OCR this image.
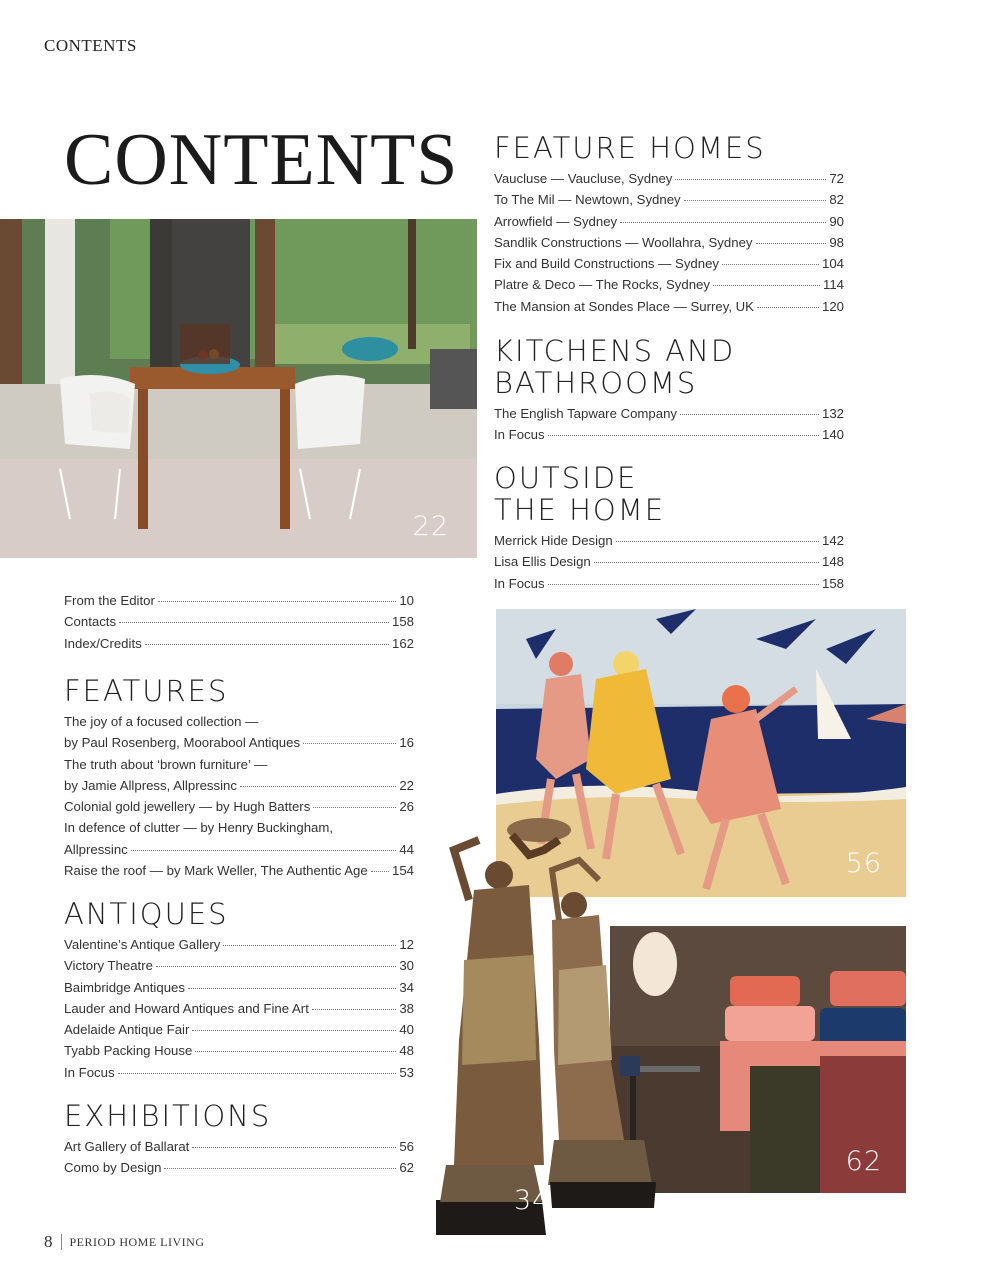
CONTENTS
CONTENTS
22
From the Editor	10
Contacts	158
Index/Credits	162
FEATURES
The joy of a focused collection —
by Paul Rosenberg, Moorabool Antiques	16
The truth about ‘brown furniture’ —
by Jamie Allpress, Allpressinc	22
Colonial gold jewellery — by Hugh Batters	26
In defence of clutter — by Henry Buckingham,
Allpressinc	44
Raise the roof — by Mark Weller, The Authentic Age 154
ANTIQUES
Valentine’s Antique Gallery	12
Victory Theatre	30
Baimbridge Antiques	34
Lauder and Howard Antiques and Fine Art	38
Adelaide Antique Fair	40
Tyabb Packing House	48
In Focus	53
EXHIBITIONS
Art Gallery of Ballarat	56
Como by Design	62
FEATURE HOMES
Vaucluse — Vaucluse, Sydney	72
To The Mil — Newtown, Sydney	82
Arrowfield — Sydney	90
Sandlik Constructions — Woollahra, Sydney	98
Fix and Build Constructions — Sydney	104
Platre & Deco — The Rocks, Sydney	114
The Mansion at Sondes Place — Surrey, UK	120
KITCHENS AND
BATHROOMS
The English Tapware Company	132
In Focus	140
OUTSIDE
THE HOME
Merrick Hide Design	142
Lisa Ellis Design	148
In Focus	158
56
62
34
8 PERIOD HOME LIVING
